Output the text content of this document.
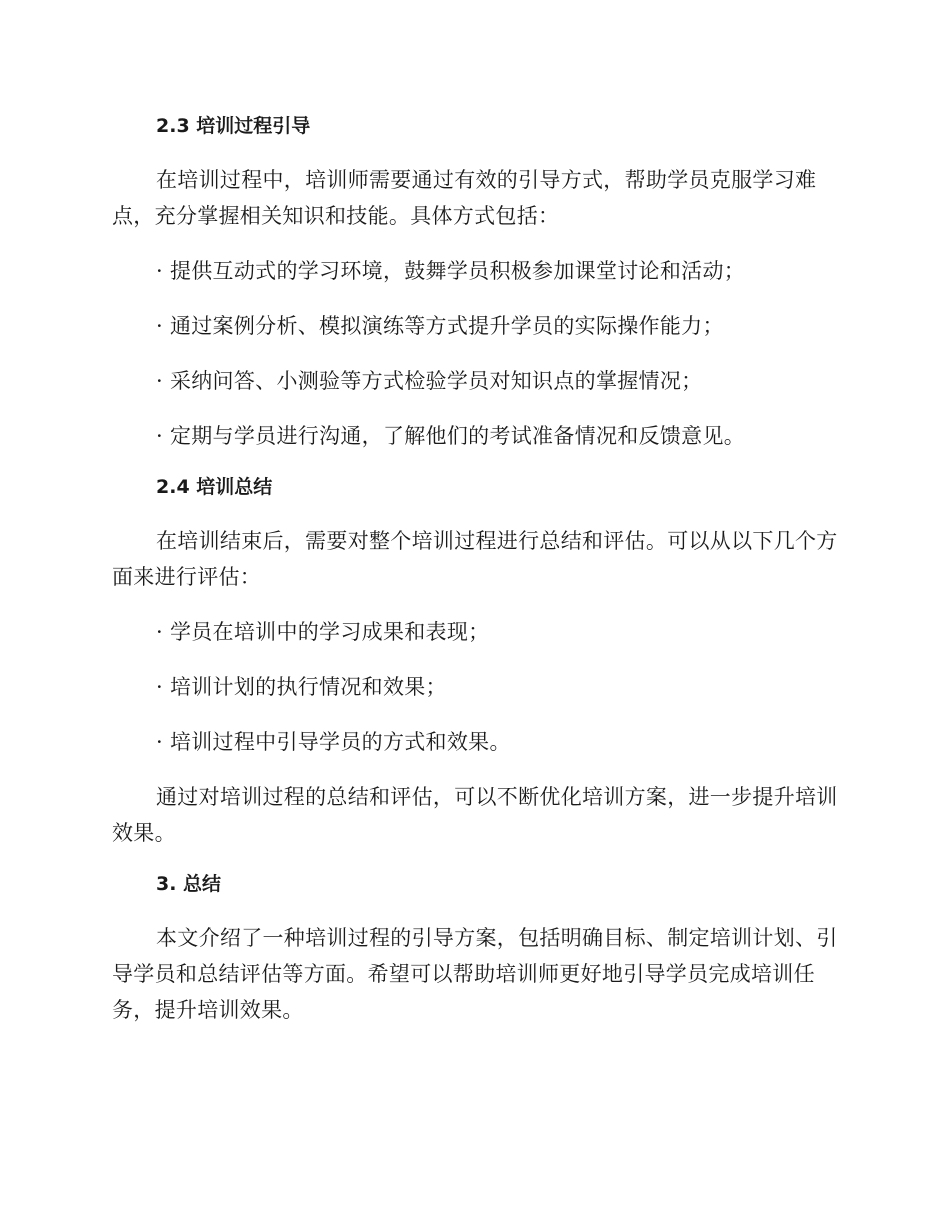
2.3 培训过程引导

在培训过程中，培训师需要通过有效的引导方式，帮助学员克服学习难点，充分掌握相关知识和技能。具体方式包括：

· 提供互动式的学习环境，鼓舞学员积极参加课堂讨论和活动；

· 通过案例分析、模拟演练等方式提升学员的实际操作能力；

· 采纳问答、小测验等方式检验学员对知识点的掌握情况；

· 定期与学员进行沟通，了解他们的考试准备情况和反馈意见。

2.4 培训总结

在培训结束后，需要对整个培训过程进行总结和评估。可以从以下几个方面来进行评估：

· 学员在培训中的学习成果和表现；

· 培训计划的执行情况和效果；

· 培训过程中引导学员的方式和效果。

通过对培训过程的总结和评估，可以不断优化培训方案，进一步提升培训效果。

3. 总结

本文介绍了一种培训过程的引导方案，包括明确目标、制定培训计划、引导学员和总结评估等方面。希望可以帮助培训师更好地引导学员完成培训任务，提升培训效果。
